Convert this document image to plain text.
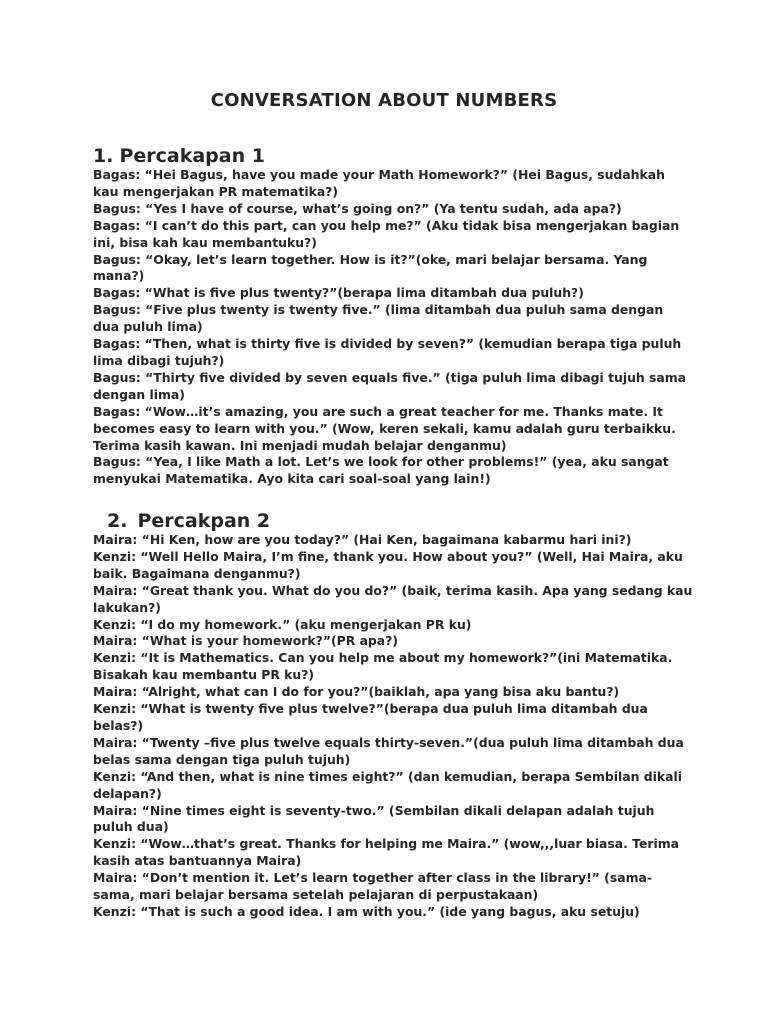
CONVERSATION ABOUT NUMBERS
1. Percakapan 1

Bagas: “Hei Bagus, have you made your Math Homework?” (Hei Bagus, sudahkah kau mengerjakan PR matematika?)

Bagus: “Yes I have of course, what’s going on?” (Ya tentu sudah, ada apa?)

Bagas: “I can’t do this part, can you help me?” (Aku tidak bisa mengerjakan bagian ini, bisa kah kau membantuku?)

Bagus: “Okay, let’s learn together. How is it?”(oke, mari belajar bersama. Yang mana?)

Bagas: “What is five plus twenty?”(berapa lima ditambah dua puluh?)

Bagus: “Five plus twenty is twenty five.” (lima ditambah dua puluh sama dengan dua puluh lima)

Bagas: “Then, what is thirty five is divided by seven?” (kemudian berapa tiga puluh lima dibagi tujuh?)

Bagus: “Thirty five divided by seven equals five.” (tiga puluh lima dibagi tujuh sama dengan lima)

Bagas: “Wow…it’s amazing, you are such a great teacher for me. Thanks mate. It becomes easy to learn with you.” (Wow, keren sekali, kamu adalah guru terbaikku. Terima kasih kawan. Ini menjadi mudah belajar denganmu)

Bagus: “Yea, I like Math a lot. Let’s we look for other problems!” (yea, aku sangat menyukai Matematika. Ayo kita cari soal-soal yang lain!)

2. Percakpan 2

Maira: “Hi Ken, how are you today?” (Hai Ken, bagaimana kabarmu hari ini?)

Kenzi: “Well Hello Maira, I’m fine, thank you. How about you?” (Well, Hai Maira, aku baik. Bagaimana denganmu?)

Maira: “Great thank you. What do you do?” (baik, terima kasih. Apa yang sedang kau lakukan?)

Kenzi: “I do my homework.” (aku mengerjakan PR ku)

Maira: “What is your homework?”(PR apa?)

Kenzi: “It is Mathematics. Can you help me about my homework?”(ini Matematika. Bisakah kau membantu PR ku?)

Maira: “Alright, what can I do for you?”(baiklah, apa yang bisa aku bantu?)

Kenzi: “What is twenty five plus twelve?”(berapa dua puluh lima ditambah dua belas?)

Maira: “Twenty –five plus twelve equals thirty-seven.”(dua puluh lima ditambah dua belas sama dengan tiga puluh tujuh)

Kenzi: “And then, what is nine times eight?” (dan kemudian, berapa Sembilan dikali delapan?)

Maira: “Nine times eight is seventy-two.” (Sembilan dikali delapan adalah tujuh puluh dua)

Kenzi: “Wow…that’s great. Thanks for helping me Maira.” (wow,,,luar biasa. Terima kasih atas bantuannya Maira)

Maira: “Don’t mention it. Let’s learn together after class in the library!” (sama-sama, mari belajar bersama setelah pelajaran di perpustakaan)

Kenzi: “That is such a good idea. I am with you.” (ide yang bagus, aku setuju)
